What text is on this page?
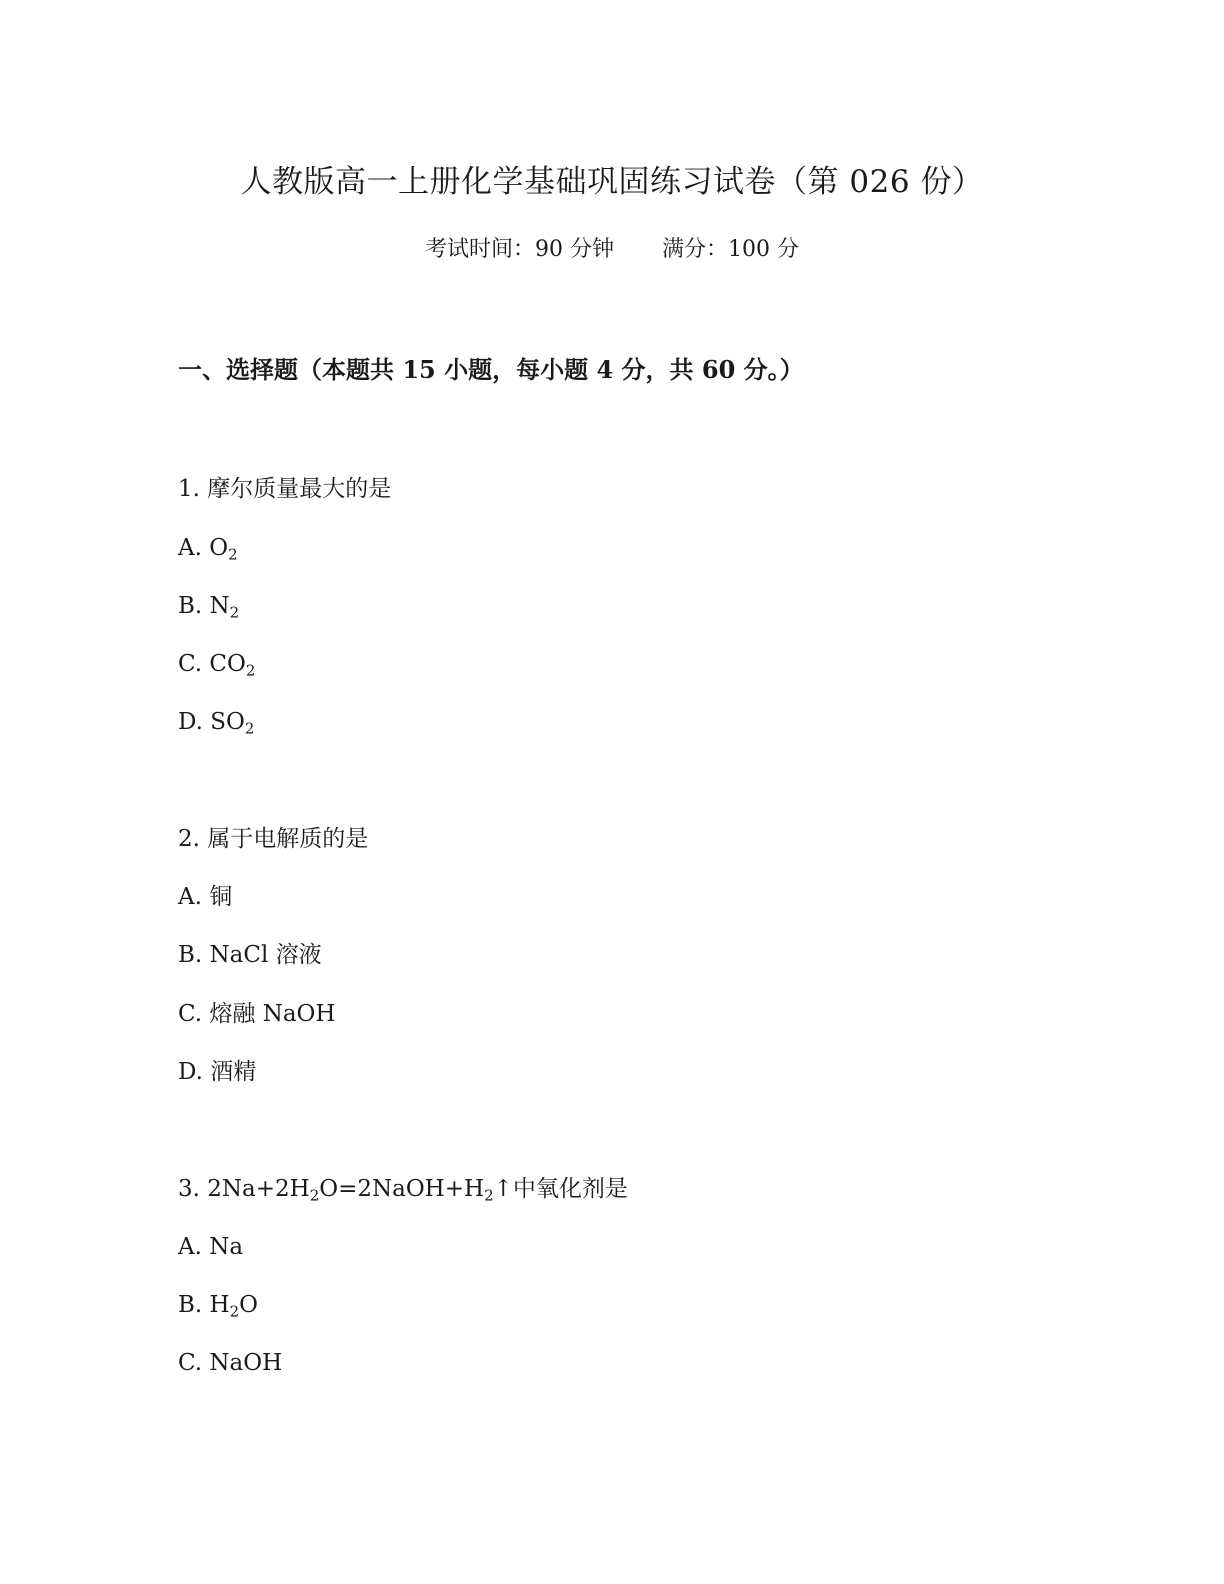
人教版高一上册化学基础巩固练习试卷（第 026 份）
考试时间：90 分钟 满分：100 分
一、选择题（本题共 15 小题，每小题 4 分，共 60 分。）
1. 摩尔质量最大的是
A. $O_2$
B. $N_2$
C. $CO_2$
D. $SO_2$
2. 属于电解质的是
A. 铜
B. NaCl 溶液
C. 熔融 NaOH
D. 酒精
3. $2Na+2H_2O=2NaOH+H_2↑$中氧化剂是
A. Na
B. $H_2O$
C. NaOH
